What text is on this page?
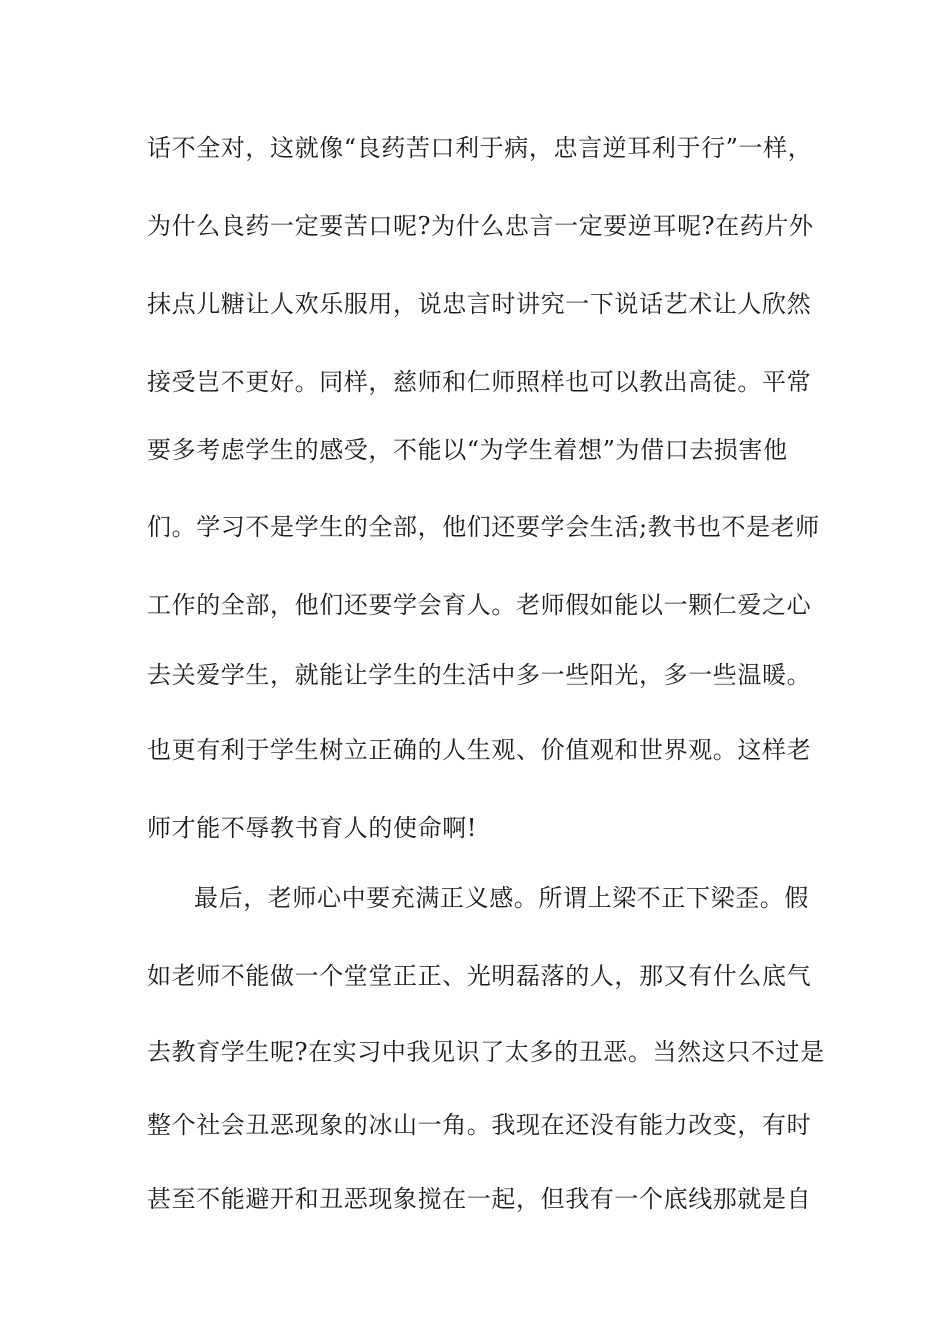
话不全对，这就像“良药苦口利于病，忠言逆耳利于行”一样，
为什么良药一定要苦口呢?为什么忠言一定要逆耳呢?在药片外
抹点儿糖让人欢乐服用，说忠言时讲究一下说话艺术让人欣然
接受岂不更好。同样，慈师和仁师照样也可以教出高徒。平常
要多考虑学生的感受，不能以“为学生着想”为借口去损害他
们。学习不是学生的全部，他们还要学会生活;教书也不是老师
工作的全部，他们还要学会育人。老师假如能以一颗仁爱之心
去关爱学生，就能让学生的生活中多一些阳光，多一些温暖。
也更有利于学生树立正确的人生观、价值观和世界观。这样老
师才能不辱教书育人的使命啊!
最后，老师心中要充满正义感。所谓上梁不正下梁歪。假
如老师不能做一个堂堂正正、光明磊落的人，那又有什么底气
去教育学生呢?在实习中我见识了太多的丑恶。当然这只不过是
整个社会丑恶现象的冰山一角。我现在还没有能力改变，有时
甚至不能避开和丑恶现象搅在一起，但我有一个底线那就是自
